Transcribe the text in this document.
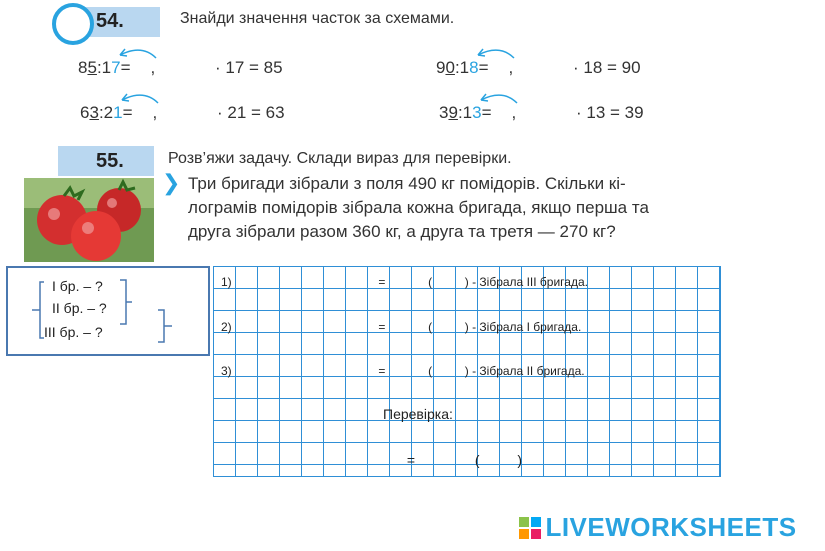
54.	Знайди значення часток за схемами.
85:17= ,	· 17 = 85	90:18= ,	· 18 = 90
63:21= ,	· 21 = 63	39:13= ,	· 13 = 39
55.	Розв’яжи задачу. Склади вираз для перевірки.
❯ Три бригади зібрали з поля 490 кг помідорів. Скільки кі-
лограмів помідорів зібрала кожна бригада, якщо перша та
друга зібрали разом 360 кг, а друга та третя — 270 кг?
І бр. – ?
ІІ бр. – ?
ІІІ бр. – ?
1)	=	(	) - Зібрала ІІІ бригада.
2)	=	(	) - Зібрала І бригада.
3)	=	(	) - Зібрала ІІ бригада.
Перевірка:
=	(	)
LIVEWORKSHEETS
